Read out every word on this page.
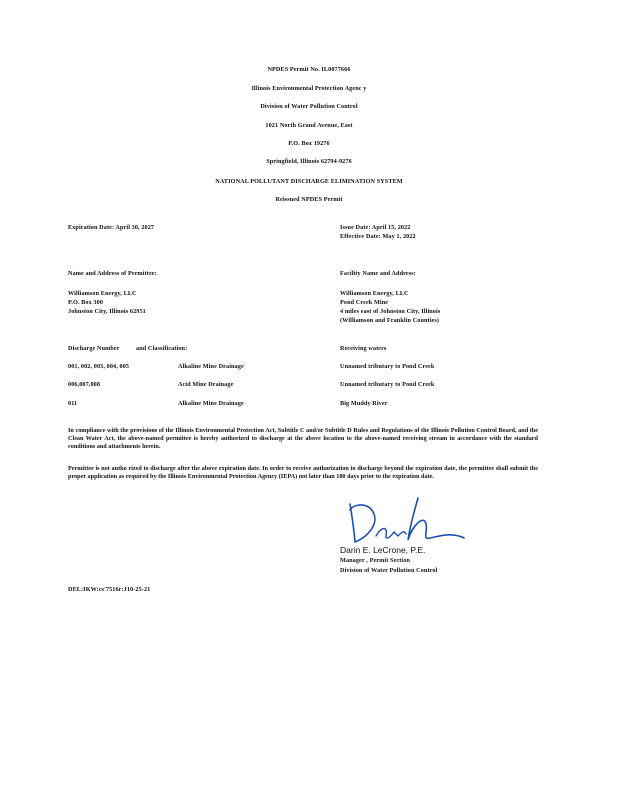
NPDES Permit No. IL0077666
Illinois Environmental Protection Agenc y
Division of Water Pollution Control
1021 North Grand Avenue, East
P.O. Box 19276
Springfield, Illinois 62794-9276
NATIONAL POLLUTANT DISCHARGE ELIMINATION SYSTEM
Reissued NPDES Permit
Expiration Date: April 30, 2027	Issue Date: April 15, 2022
Effective Date: May 1, 2022
Name and Address of Permittee:
Williamson Energy, LLC
P.O. Box 300
Johnston City, Illinois 62951
Facility Name and Address:
Williamson Energy, LLC
Pond Creek Mine
4 miles east of Johnston City, Illinois
(Williamson and Franklin Counties)
Discharge Number	and Classification:	Receiving waters
001, 002, 003, 004, 005	Alkaline Mine Drainage	Unnamed tributary to Pond Creek
006,007,008	Acid Mine Drainage	Unnamed tributary to Pond Creek
011	Alkaline Mine Drainage	Big Muddy River
In compliance with the provisions of the Illinois Environmental Protection Act, Subtitle C and/or Subtitle D Rules and Regulations of the Illinois Pollution Control Board, and the Clean Water Act, the above-named permittee is hereby authorized to discharge at the above location to the above-named receiving stream in accordance with the standard conditions and attachments herein.
Permittee is not autho rized to discharge after the above expiration date. In order to receive authorization to discharge beyond the expiration date, the permittee shall submit the proper application as required by the Illinois Environmental Protection Agency (IEPA) not later than 180 days prior to the expiration date.
Darin E. LeCrone, P.E.
Manager , Permit Section
Division of Water Pollution Control
DEL:IKW:cs'7516r:J10-25-21
